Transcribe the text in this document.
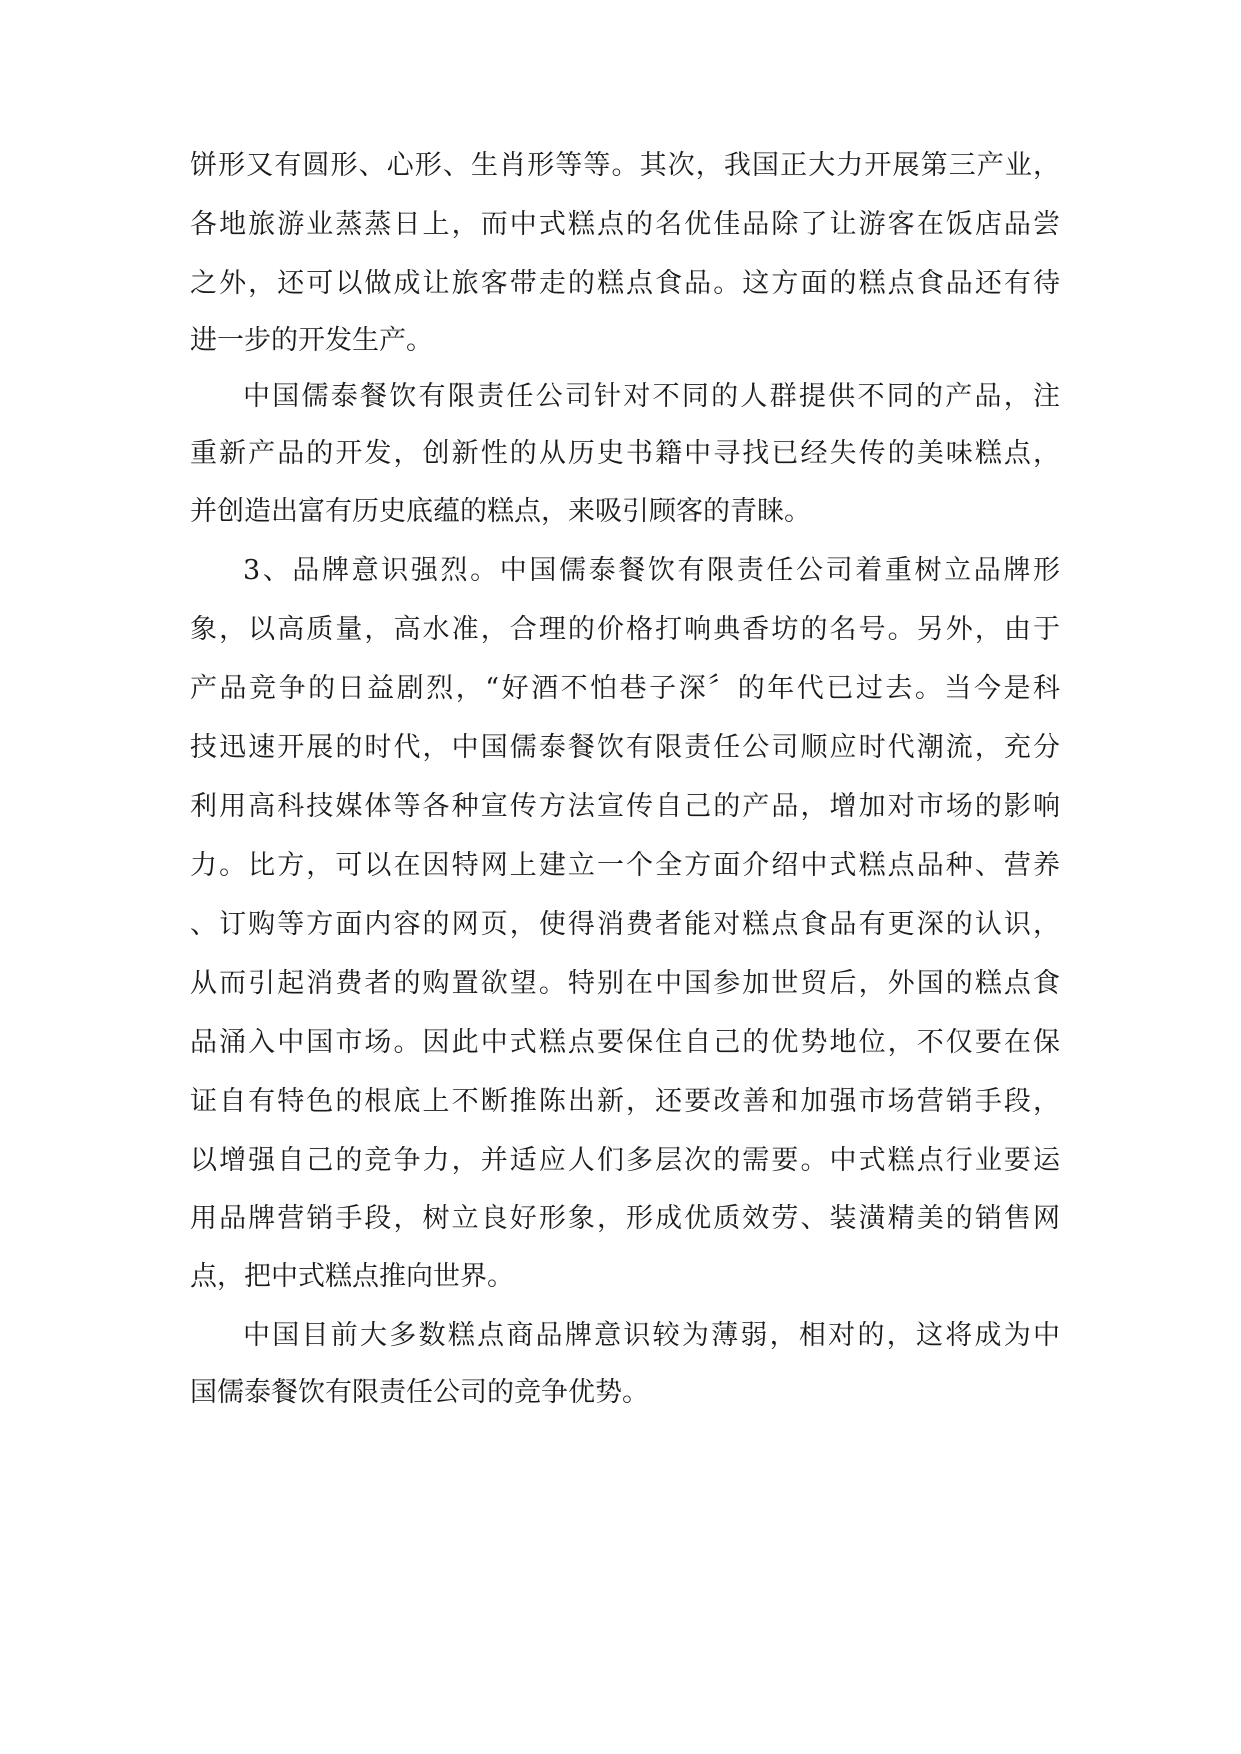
饼形又有圆形、心形、生肖形等等。其次，我国正大力开展第三产业，
各地旅游业蒸蒸日上，而中式糕点的名优佳品除了让游客在饭店品尝
之外，还可以做成让旅客带走的糕点食品。这方面的糕点食品还有待
进一步的开发生产。
中国儒泰餐饮有限责任公司针对不同的人群提供不同的产品，注
重新产品的开发，创新性的从历史书籍中寻找已经失传的美味糕点，
并创造出富有历史底蕴的糕点，来吸引顾客的青睐。
3、品牌意识强烈。中国儒泰餐饮有限责任公司着重树立品牌形
象，以高质量，高水准，合理的价格打响典香坊的名号。另外，由于
产品竞争的日益剧烈，“好酒不怕巷子深〞的年代已过去。当今是科
技迅速开展的时代，中国儒泰餐饮有限责任公司顺应时代潮流，充分
利用高科技媒体等各种宣传方法宣传自己的产品，增加对市场的影响
力。比方，可以在因特网上建立一个全方面介绍中式糕点品种、营养
、订购等方面内容的网页，使得消费者能对糕点食品有更深的认识，
从而引起消费者的购置欲望。特别在中国参加世贸后，外国的糕点食
品涌入中国市场。因此中式糕点要保住自己的优势地位，不仅要在保
证自有特色的根底上不断推陈出新，还要改善和加强市场营销手段，
以增强自己的竞争力，并适应人们多层次的需要。中式糕点行业要运
用品牌营销手段，树立良好形象，形成优质效劳、装潢精美的销售网
点，把中式糕点推向世界。
中国目前大多数糕点商品牌意识较为薄弱，相对的，这将成为中
国儒泰餐饮有限责任公司的竞争优势。
